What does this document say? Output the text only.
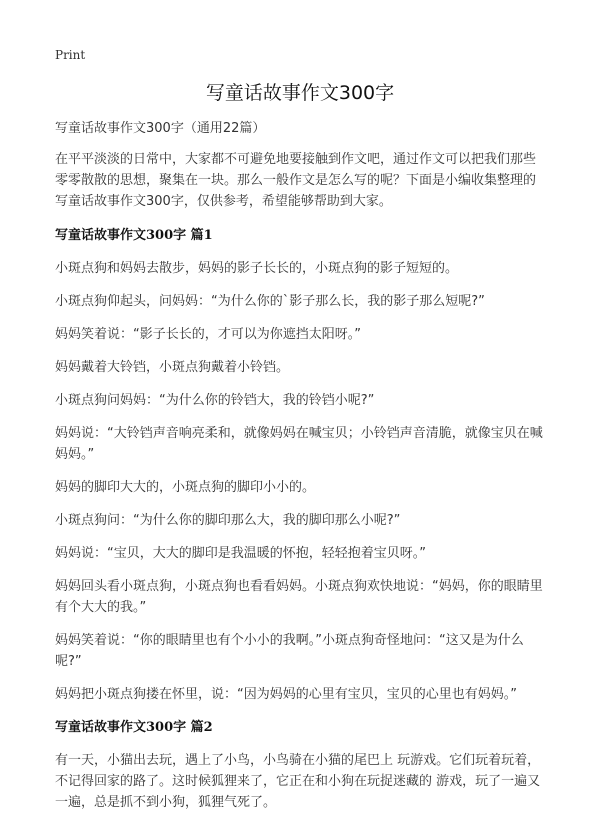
Print
写童话故事作文300字

写童话故事作文300字（通用22篇）

在平平淡淡的日常中，大家都不可避免地要接触到作文吧，通过作文可以把我们那些零零散散的思想，聚集在一块。那么一般作文是怎么写的呢？下面是小编收集整理的写童话故事作文300字，仅供参考，希望能够帮助到大家。

写童话故事作文300字 篇1

小斑点狗和妈妈去散步，妈妈的影子长长的，小斑点狗的影子短短的。

小斑点狗仰起头，问妈妈：“为什么你的`影子那么长，我的影子那么短呢?”

妈妈笑着说：“影子长长的，才可以为你遮挡太阳呀。”

妈妈戴着大铃铛，小斑点狗戴着小铃铛。

小斑点狗问妈妈：“为什么你的铃铛大，我的铃铛小呢?”

妈妈说：“大铃铛声音响亮柔和，就像妈妈在喊宝贝；小铃铛声音清脆，就像宝贝在喊妈妈。”

妈妈的脚印大大的，小斑点狗的脚印小小的。

小斑点狗问：“为什么你的脚印那么大，我的脚印那么小呢?”

妈妈说：“宝贝，大大的脚印是我温暖的怀抱，轻轻抱着宝贝呀。”

妈妈回头看小斑点狗，小斑点狗也看看妈妈。小斑点狗欢快地说：“妈妈，你的眼睛里有个大大的我。”

妈妈笑着说：“你的眼睛里也有个小小的我啊。”小斑点狗奇怪地问：“这又是为什么呢?”

妈妈把小斑点狗搂在怀里，说：“因为妈妈的心里有宝贝，宝贝的心里也有妈妈。”

写童话故事作文300字 篇2

有一天，小猫出去玩，遇上了小鸟，小鸟骑在小猫的尾巴上 玩游戏。它们玩着玩着，不记得回家的路了。这时候狐狸来了，它正在和小狗在玩捉迷藏的 游戏，玩了一遍又一遍，总是抓不到小狗，狐狸气死了。
